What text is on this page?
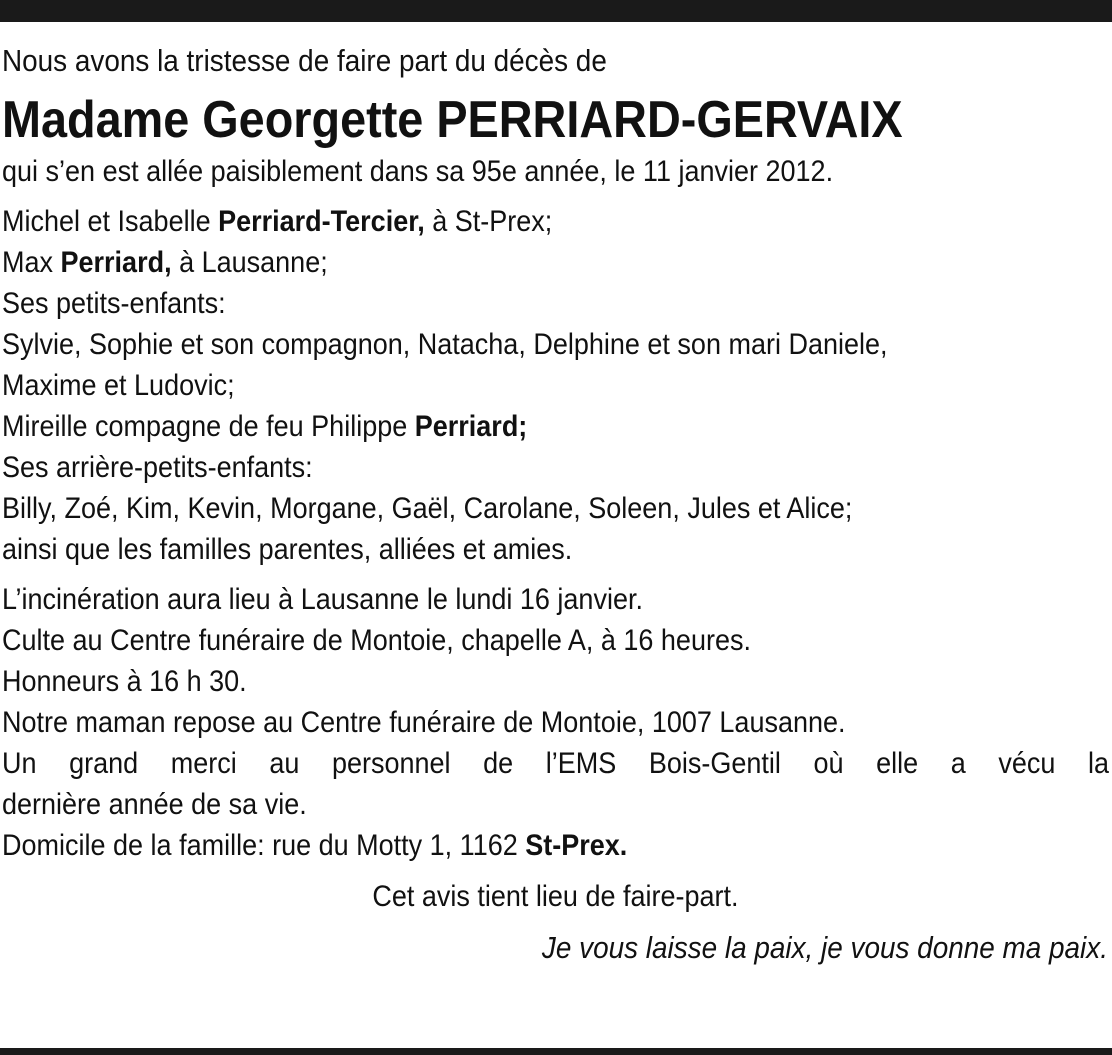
Nous avons la tristesse de faire part du décès de
Madame Georgette PERRIARD-GERVAIX
qui s’en est allée paisiblement dans sa 95e année, le 11 janvier 2012.
Michel et Isabelle Perriard-Tercier, à St-Prex;
Max Perriard, à Lausanne;
Ses petits-enfants:
Sylvie, Sophie et son compagnon, Natacha, Delphine et son mari Daniele,
Maxime et Ludovic;
Mireille compagne de feu Philippe Perriard;
Ses arrière-petits-enfants:
Billy, Zoé, Kim, Kevin, Morgane, Gaël, Carolane, Soleen, Jules et Alice;
ainsi que les familles parentes, alliées et amies.
L’incinération aura lieu à Lausanne le lundi 16 janvier.
Culte au Centre funéraire de Montoie, chapelle A, à 16 heures.
Honneurs à 16 h 30.
Notre maman repose au Centre funéraire de Montoie, 1007 Lausanne.
Un grand merci au personnel de l’EMS Bois-Gentil où elle a vécu la
dernière année de sa vie.
Domicile de la famille: rue du Motty 1, 1162 St-Prex.
Cet avis tient lieu de faire-part.
Je vous laisse la paix, je vous donne ma paix.
